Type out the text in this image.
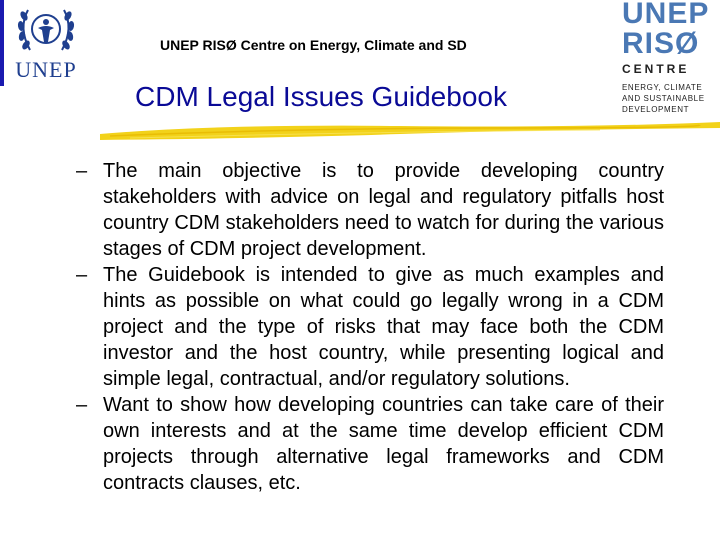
UNEP
UNEP RISØ Centre on Energy, Climate and SD
CDM Legal Issues Guidebook
UNEP
RISØ
CENTRE
ENERGY, CLIMATE
AND SUSTAINABLE
DEVELOPMENT
– The main objective is to provide developing country stakeholders with advice on legal and regulatory pitfalls host country CDM stakeholders need to watch for during the various stages of CDM project development.
– The Guidebook is intended to give as much examples and hints as possible on what could go legally wrong in a CDM project and the type of risks that may face both the CDM investor and the host country, while presenting logical and simple legal, contractual, and/or regulatory solutions.
– Want to show how developing countries can take care of their own interests and at the same time develop efficient CDM projects through alternative legal frameworks and CDM contracts clauses, etc.
